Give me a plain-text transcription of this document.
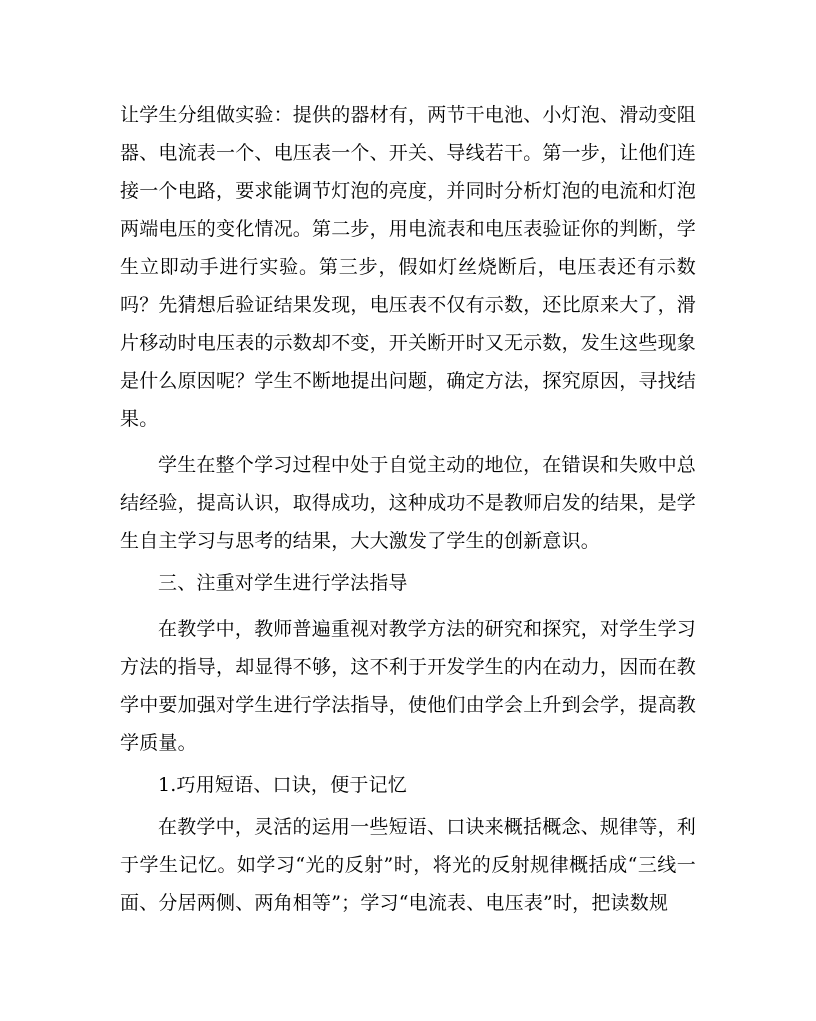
让学生分组做实验：提供的器材有，两节干电池、小灯泡、滑动变阻器、电流表一个、电压表一个、开关、导线若干。第一步，让他们连接一个电路，要求能调节灯泡的亮度，并同时分析灯泡的电流和灯泡两端电压的变化情况。第二步，用电流表和电压表验证你的判断，学生立即动手进行实验。第三步，假如灯丝烧断后，电压表还有示数吗？先猜想后验证结果发现，电压表不仅有示数，还比原来大了，滑片移动时电压表的示数却不变，开关断开时又无示数，发生这些现象是什么原因呢？学生不断地提出问题，确定方法，探究原因，寻找结果。

学生在整个学习过程中处于自觉主动的地位，在错误和失败中总结经验，提高认识，取得成功，这种成功不是教师启发的结果，是学生自主学习与思考的结果，大大激发了学生的创新意识。

三、注重对学生进行学法指导

在教学中，教师普遍重视对教学方法的研究和探究，对学生学习方法的指导，却显得不够，这不利于开发学生的内在动力，因而在教学中要加强对学生进行学法指导，使他们由学会上升到会学，提高教学质量。

1.巧用短语、口诀，便于记忆

在教学中，灵活的运用一些短语、口诀来概括概念、规律等，利于学生记忆。如学习“光的反射”时，将光的反射规律概括成“三线一面、分居两侧、两角相等”；学习“电流表、电压表”时，把读数规
